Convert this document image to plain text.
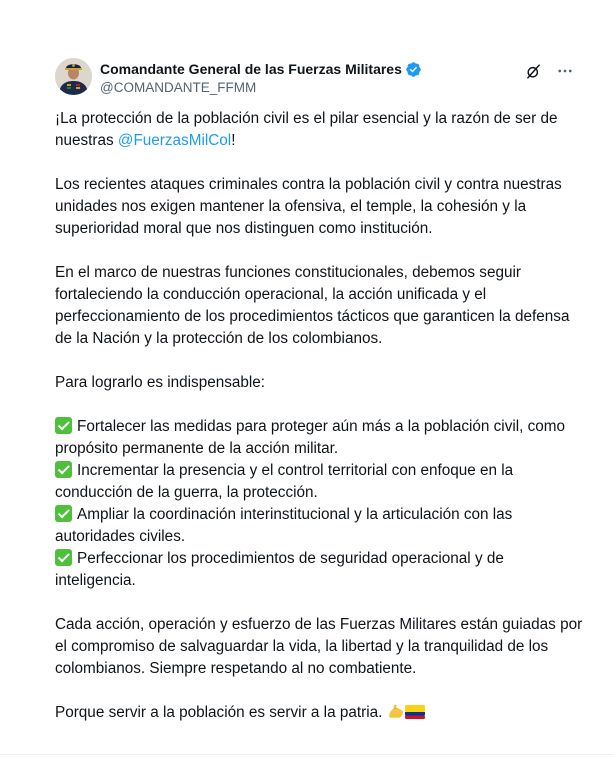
Comandante General de las Fuerzas Militares
@COMANDANTE_FFMM

¡La protección de la población civil es el pilar esencial y la razón de ser de nuestras @FuerzasMilCol!

Los recientes ataques criminales contra la población civil y contra nuestras unidades nos exigen mantener la ofensiva, el temple, la cohesión y la superioridad moral que nos distinguen como institución.

En el marco de nuestras funciones constitucionales, debemos seguir fortaleciendo la conducción operacional, la acción unificada y el perfeccionamiento de los procedimientos tácticos que garanticen la defensa de la Nación y la protección de los colombianos.

Para lograrlo es indispensable:

Fortalecer las medidas para proteger aún más a la población civil, como propósito permanente de la acción militar.
Incrementar la presencia y el control territorial con enfoque en la conducción de la guerra, la protección.
Ampliar la coordinación interinstitucional y la articulación con las autoridades civiles.
Perfeccionar los procedimientos de seguridad operacional y de inteligencia.

Cada acción, operación y esfuerzo de las Fuerzas Militares están guiadas por el compromiso de salvaguardar la vida, la libertad y la tranquilidad de los colombianos. Siempre respetando al no combatiente.

Porque servir a la población es servir a la patria.
